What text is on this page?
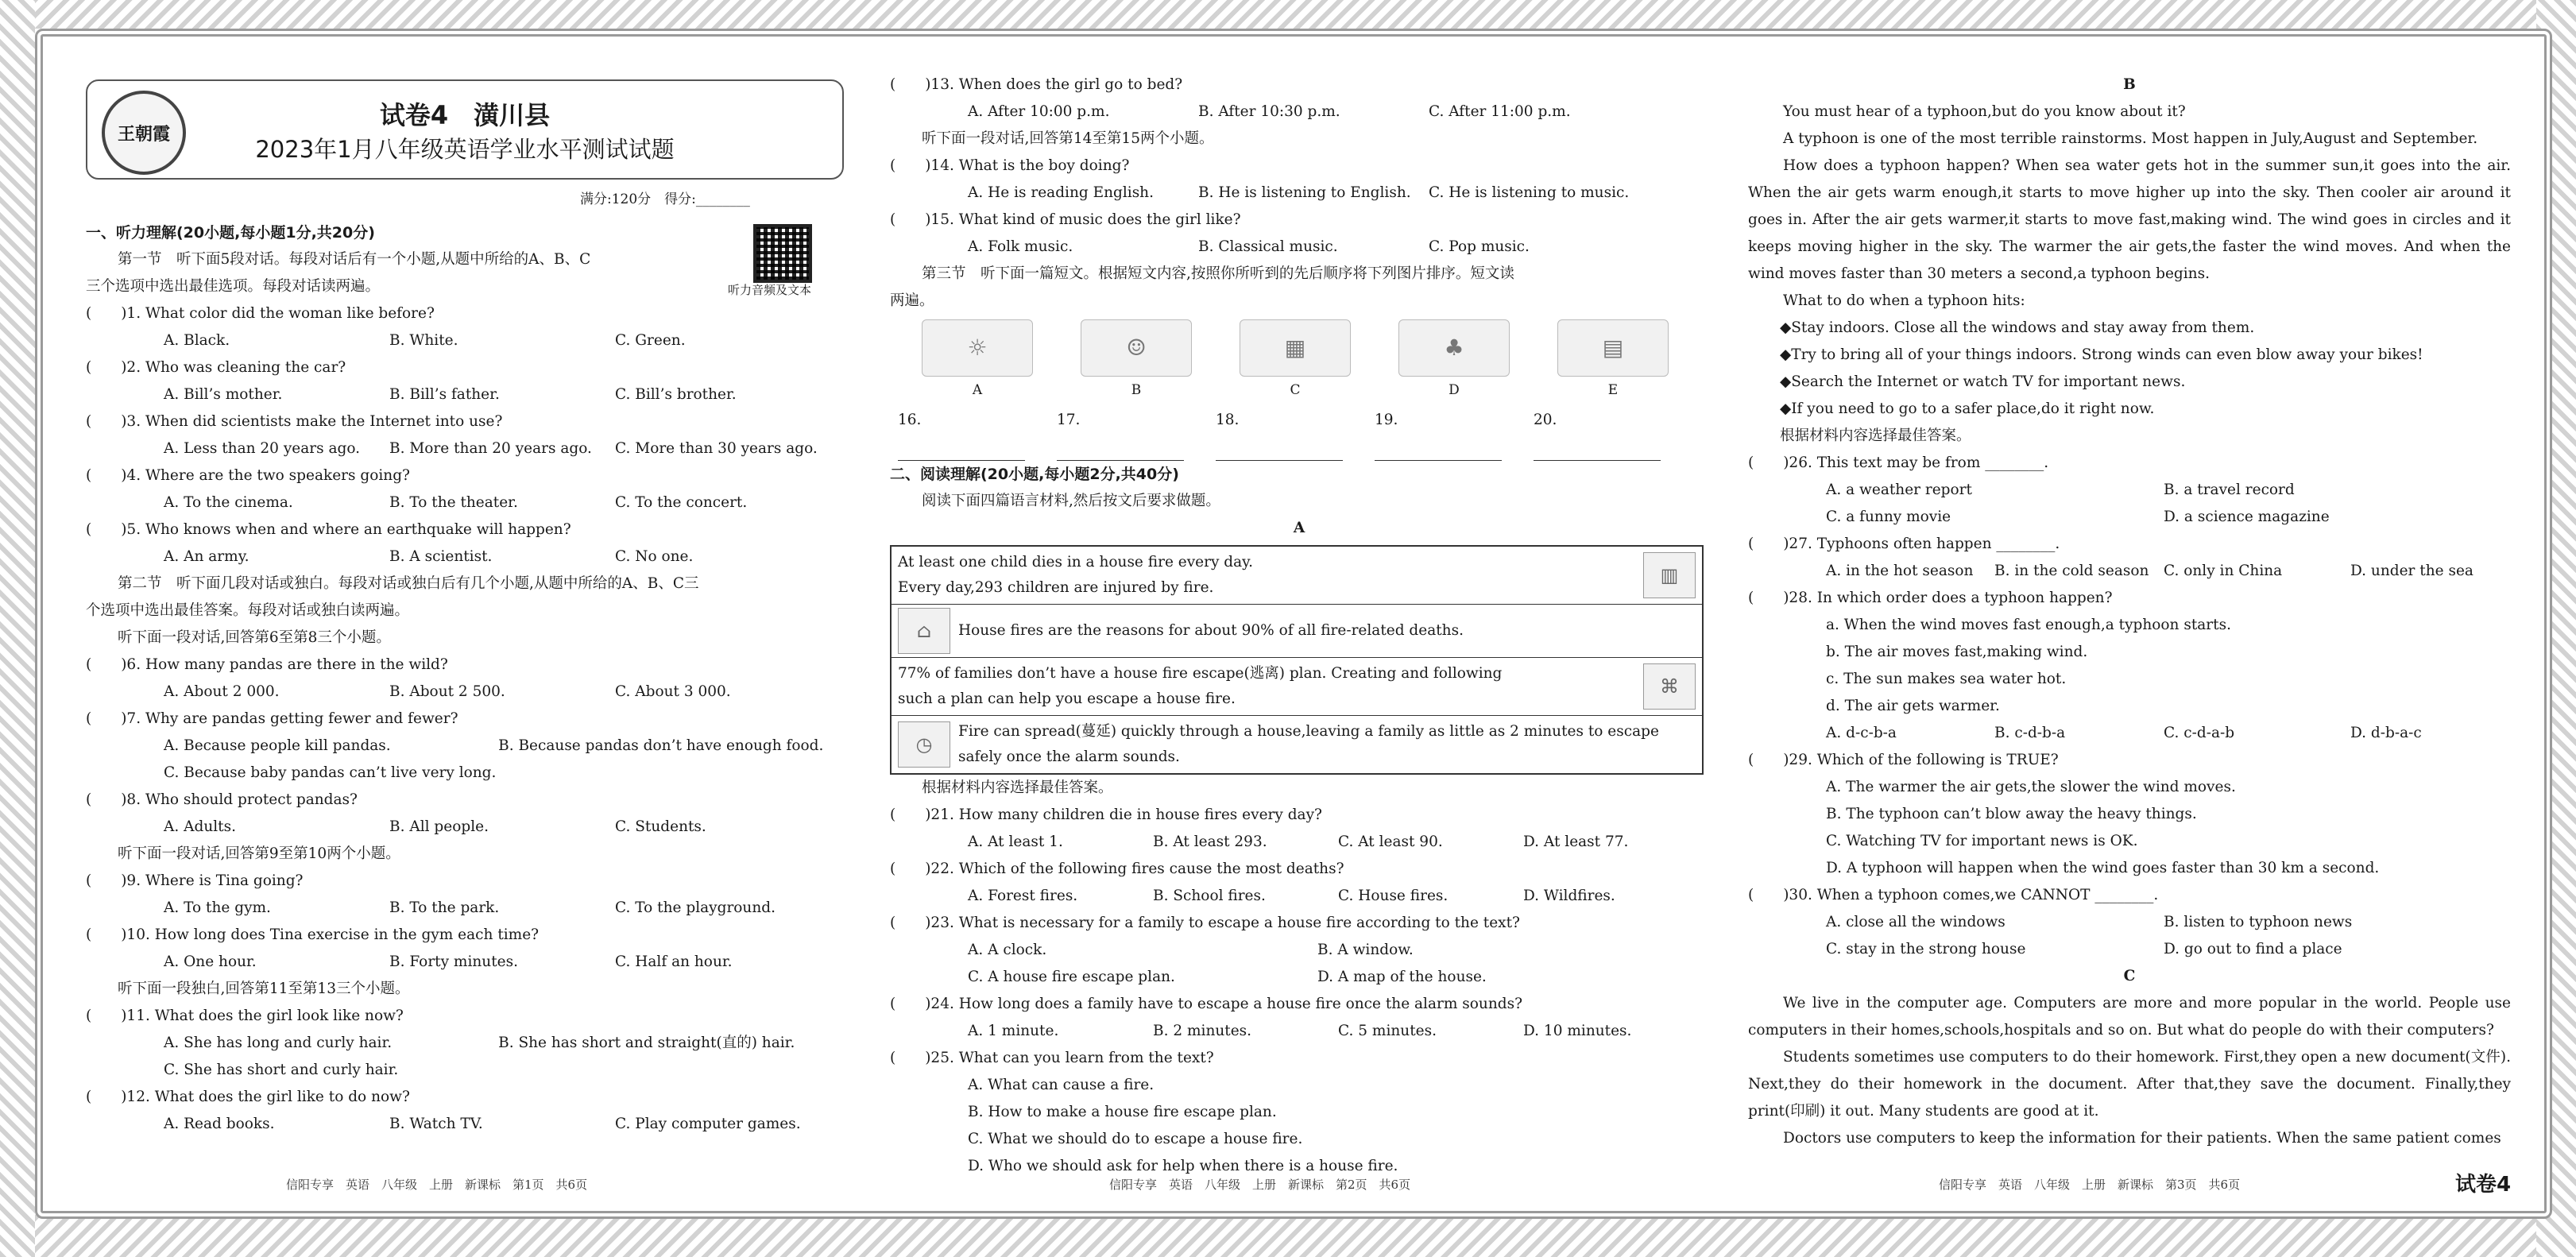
王朝霞
试卷4　潢川县
2023年1月八年级英语学业水平测试试题
满分:120分　得分:________
听力音频及文本
一、听力理解(20小题,每小题1分,共20分)
第一节　听下面5段对话。每段对话后有一个小题,从题中所给的A、B、C
三个选项中选出最佳选项。每段对话读两遍。
(　　)1. What color did the woman like before?
A. Black.	B. White.	C. Green.
(　　)2. Who was cleaning the car?
A. Bill’s mother.	B. Bill’s father.	C. Bill’s brother.
(　　)3. When did scientists make the Internet into use?
A. Less than 20 years ago.	B. More than 20 years ago.	C. More than 30 years ago.
(　　)4. Where are the two speakers going?
A. To the cinema.	B. To the theater.	C. To the concert.
(　　)5. Who knows when and where an earthquake will happen?
A. An army.	B. A scientist.	C. No one.
第二节　听下面几段对话或独白。每段对话或独白后有几个小题,从题中所给的A、B、C三
个选项中选出最佳答案。每段对话或独白读两遍。
听下面一段对话,回答第6至第8三个小题。
(　　)6. How many pandas are there in the wild?
A. About 2 000.	B. About 2 500.	C. About 3 000.
(　　)7. Why are pandas getting fewer and fewer?
A. Because people kill pandas.	B. Because pandas don’t have enough food.
C. Because baby pandas can’t live very long.
(　　)8. Who should protect pandas?
A. Adults.	B. All people.	C. Students.
听下面一段对话,回答第9至第10两个小题。
(　　)9. Where is Tina going?
A. To the gym.	B. To the park.	C. To the playground.
(　　)10. How long does Tina exercise in the gym each time?
A. One hour.	B. Forty minutes.	C. Half an hour.
听下面一段独白,回答第11至第13三个小题。
(　　)11. What does the girl look like now?
A. She has long and curly hair.	B. She has short and straight(直的) hair.
C. She has short and curly hair.
(　　)12. What does the girl like to do now?
A. Read books.	B. Watch TV.	C. Play computer games.
信阳专享　英语　八年级　上册　新课标　第1页　共6页
(　　)13. When does the girl go to bed?
A. After 10:00 p.m.	B. After 10:30 p.m.	C. After 11:00 p.m.
听下面一段对话,回答第14至第15两个小题。
(　　)14. What is the boy doing?
A. He is reading English.	B. He is listening to English.	C. He is listening to music.
(　　)15. What kind of music does the girl like?
A. Folk music.	B. Classical music.	C. Pop music.
第三节　听下面一篇短文。根据短文内容,按照你所听到的先后顺序将下列图片排序。短文读
两遍。
☼
A
☺
B
▦
C
♣
D
▤
E
16.	17.	18.	19.	20.
二、阅读理解(20小题,每小题2分,共40分)
阅读下面四篇语言材料,然后按文后要求做题。
A
At least one child dies in a house fire every day.
Every day,293 children are injured by fire.
▥
⌂	House fires are the reasons for about 90% of all fire-related deaths.
77% of families don’t have a house fire escape(逃离) plan. Creating and following
such a plan can help you escape a house fire.
⌘
◷
Fire can spread(蔓延) quickly through a house,leaving a family as little as 2 minutes to escape
safely once the alarm sounds.
根据材料内容选择最佳答案。
(　　)21. How many children die in house fires every day?
A. At least 1.	B. At least 293.	C. At least 90.	D. At least 77.
(　　)22. Which of the following fires cause the most deaths?
A. Forest fires.	B. School fires.	C. House fires.	D. Wildfires.
(　　)23. What is necessary for a family to escape a house fire according to the text?
A. A clock.	B. A window.
C. A house fire escape plan.	D. A map of the house.
(　　)24. How long does a family have to escape a house fire once the alarm sounds?
A. 1 minute.	B. 2 minutes.	C. 5 minutes.	D. 10 minutes.
(　　)25. What can you learn from the text?
A. What can cause a fire.
B. How to make a house fire escape plan.
C. What we should do to escape a house fire.
D. Who we should ask for help when there is a house fire.
信阳专享　英语　八年级　上册　新课标　第2页　共6页
B
You must hear of a typhoon,but do you know about it?
A typhoon is one of the most terrible rainstorms. Most happen in July,August and September.
How does a typhoon happen? When sea water gets hot in the summer sun,it goes into the air. When the air gets warm enough,it starts to move higher up into the sky. Then cooler air around it goes in. After the air gets warmer,it starts to move fast,making wind. The wind goes in circles and it keeps moving higher in the sky. The warmer the air gets,the faster the wind moves. And when the wind moves faster than 30 meters a second,a typhoon begins.
What to do when a typhoon hits:
◆Stay indoors. Close all the windows and stay away from them.
◆Try to bring all of your things indoors. Strong winds can even blow away your bikes!
◆Search the Internet or watch TV for important news.
◆If you need to go to a safer place,do it right now.
根据材料内容选择最佳答案。
(　　)26. This text may be from ________.
A. a weather report	B. a travel record
C. a funny movie	D. a science magazine
(　　)27. Typhoons often happen ________.
A. in the hot season	B. in the cold season	C. only in China	D. under the sea
(　　)28. In which order does a typhoon happen?
a. When the wind moves fast enough,a typhoon starts.
b. The air moves fast,making wind.
c. The sun makes sea water hot.
d. The air gets warmer.
A. d-c-b-a	B. c-d-b-a	C. c-d-a-b	D. d-b-a-c
(　　)29. Which of the following is TRUE?
A. The warmer the air gets,the slower the wind moves.
B. The typhoon can’t blow away the heavy things.
C. Watching TV for important news is OK.
D. A typhoon will happen when the wind goes faster than 30 km a second.
(　　)30. When a typhoon comes,we CANNOT ________.
A. close all the windows	B. listen to typhoon news
C. stay in the strong house	D. go out to find a place
C
We live in the computer age. Computers are more and more popular in the world. People use computers in their homes,schools,hospitals and so on. But what do people do with their computers?
Students sometimes use computers to do their homework. First,they open a new document(文件). Next,they do their homework in the document. After that,they save the document. Finally,they print(印刷) it out. Many students are good at it.
Doctors use computers to keep the information for their patients. When the same patient comes
信阳专享　英语　八年级　上册　新课标　第3页　共6页	试卷4
